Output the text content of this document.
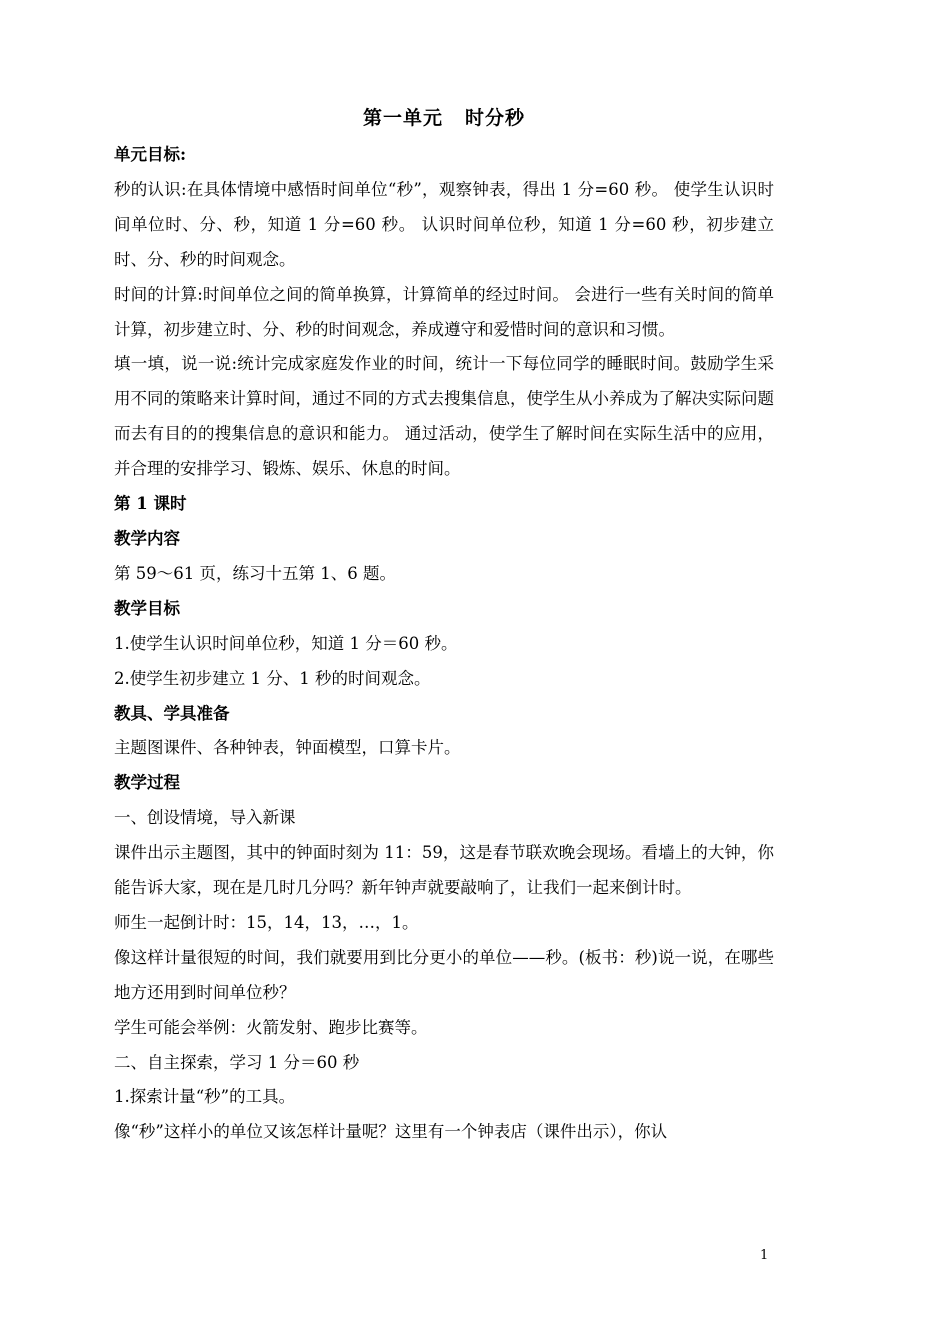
第一单元 时分秒

单元目标:

秒的认识:在具体情境中感悟时间单位“秒”，观察钟表，得出 1 分=60 秒。 使学生认识时间单位时、分、秒，知道 1 分=60 秒。 认识时间单位秒，知道 1 分=60 秒，初步建立时、分、秒的时间观念。

时间的计算:时间单位之间的简单换算，计算简单的经过时间。 会进行一些有关时间的简单计算，初步建立时、分、秒的时间观念，养成遵守和爱惜时间的意识和习惯。

填一填，说一说:统计完成家庭发作业的时间，统计一下每位同学的睡眠时间。鼓励学生采用不同的策略来计算时间，通过不同的方式去搜集信息，使学生从小养成为了解决实际问题而去有目的的搜集信息的意识和能力。 通过活动，使学生了解时间在实际生活中的应用，并合理的安排学习、锻炼、娱乐、休息的时间。

第 1 课时

教学内容

第 59～61 页，练习十五第 1、6 题。

教学目标

1.使学生认识时间单位秒，知道 1 分＝60 秒。

2.使学生初步建立 1 分、1 秒的时间观念。

教具、学具准备

主题图课件、各种钟表，钟面模型，口算卡片。

教学过程

一、创设情境，导入新课

课件出示主题图，其中的钟面时刻为 11：59，这是春节联欢晚会现场。看墙上的大钟，你能告诉大家，现在是几时几分吗？新年钟声就要敲响了，让我们一起来倒计时。

师生一起倒计时：15，14，13，…，1。

像这样计量很短的时间，我们就要用到比分更小的单位——秒。(板书：秒)说一说，在哪些地方还用到时间单位秒？

学生可能会举例：火箭发射、跑步比赛等。

二、自主探索，学习 1 分＝60 秒

1.探索计量“秒”的工具。

像“秒”这样小的单位又该怎样计量呢？这里有一个钟表店（课件出示），你认

1
